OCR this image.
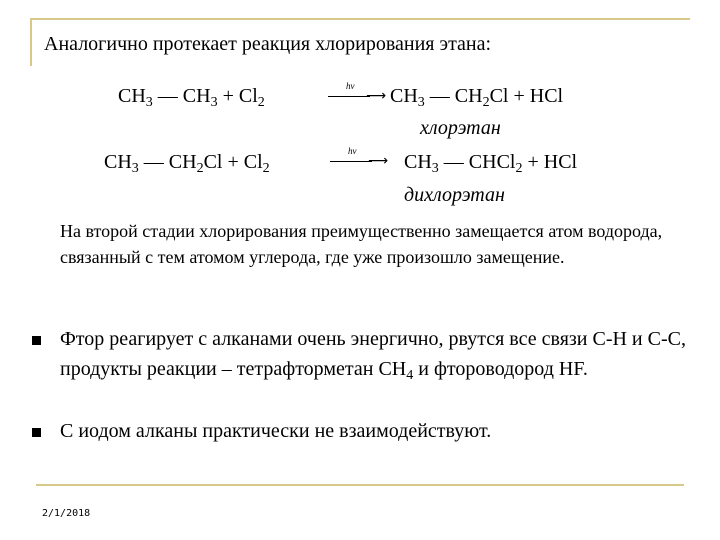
Аналогично протекает реакция хлорирования этана:
$CH_3$ — $CH_3 + Cl_2$
hv
⟶ $CH_3$ — $CH_2Cl$ + HCl
хлорэтан
$CH_3$ — $CH_2Cl + Cl_2$
hv
⟶ $CH_3$ — CHCl$_2$ + HCl
дихлорэтан
На второй стадии хлорирования преимущественно замещается атом водорода, связанный с тем атомом углерода, где уже произошло замещение.
Фтор реагирует с алканами очень энергично, рвутся все связи С-Н и С-С, продукты реакции – тетрафторметан $СН_4$ и фтороводород НF.
С иодом алканы практически не взаимодействуют.
2/1/2018
